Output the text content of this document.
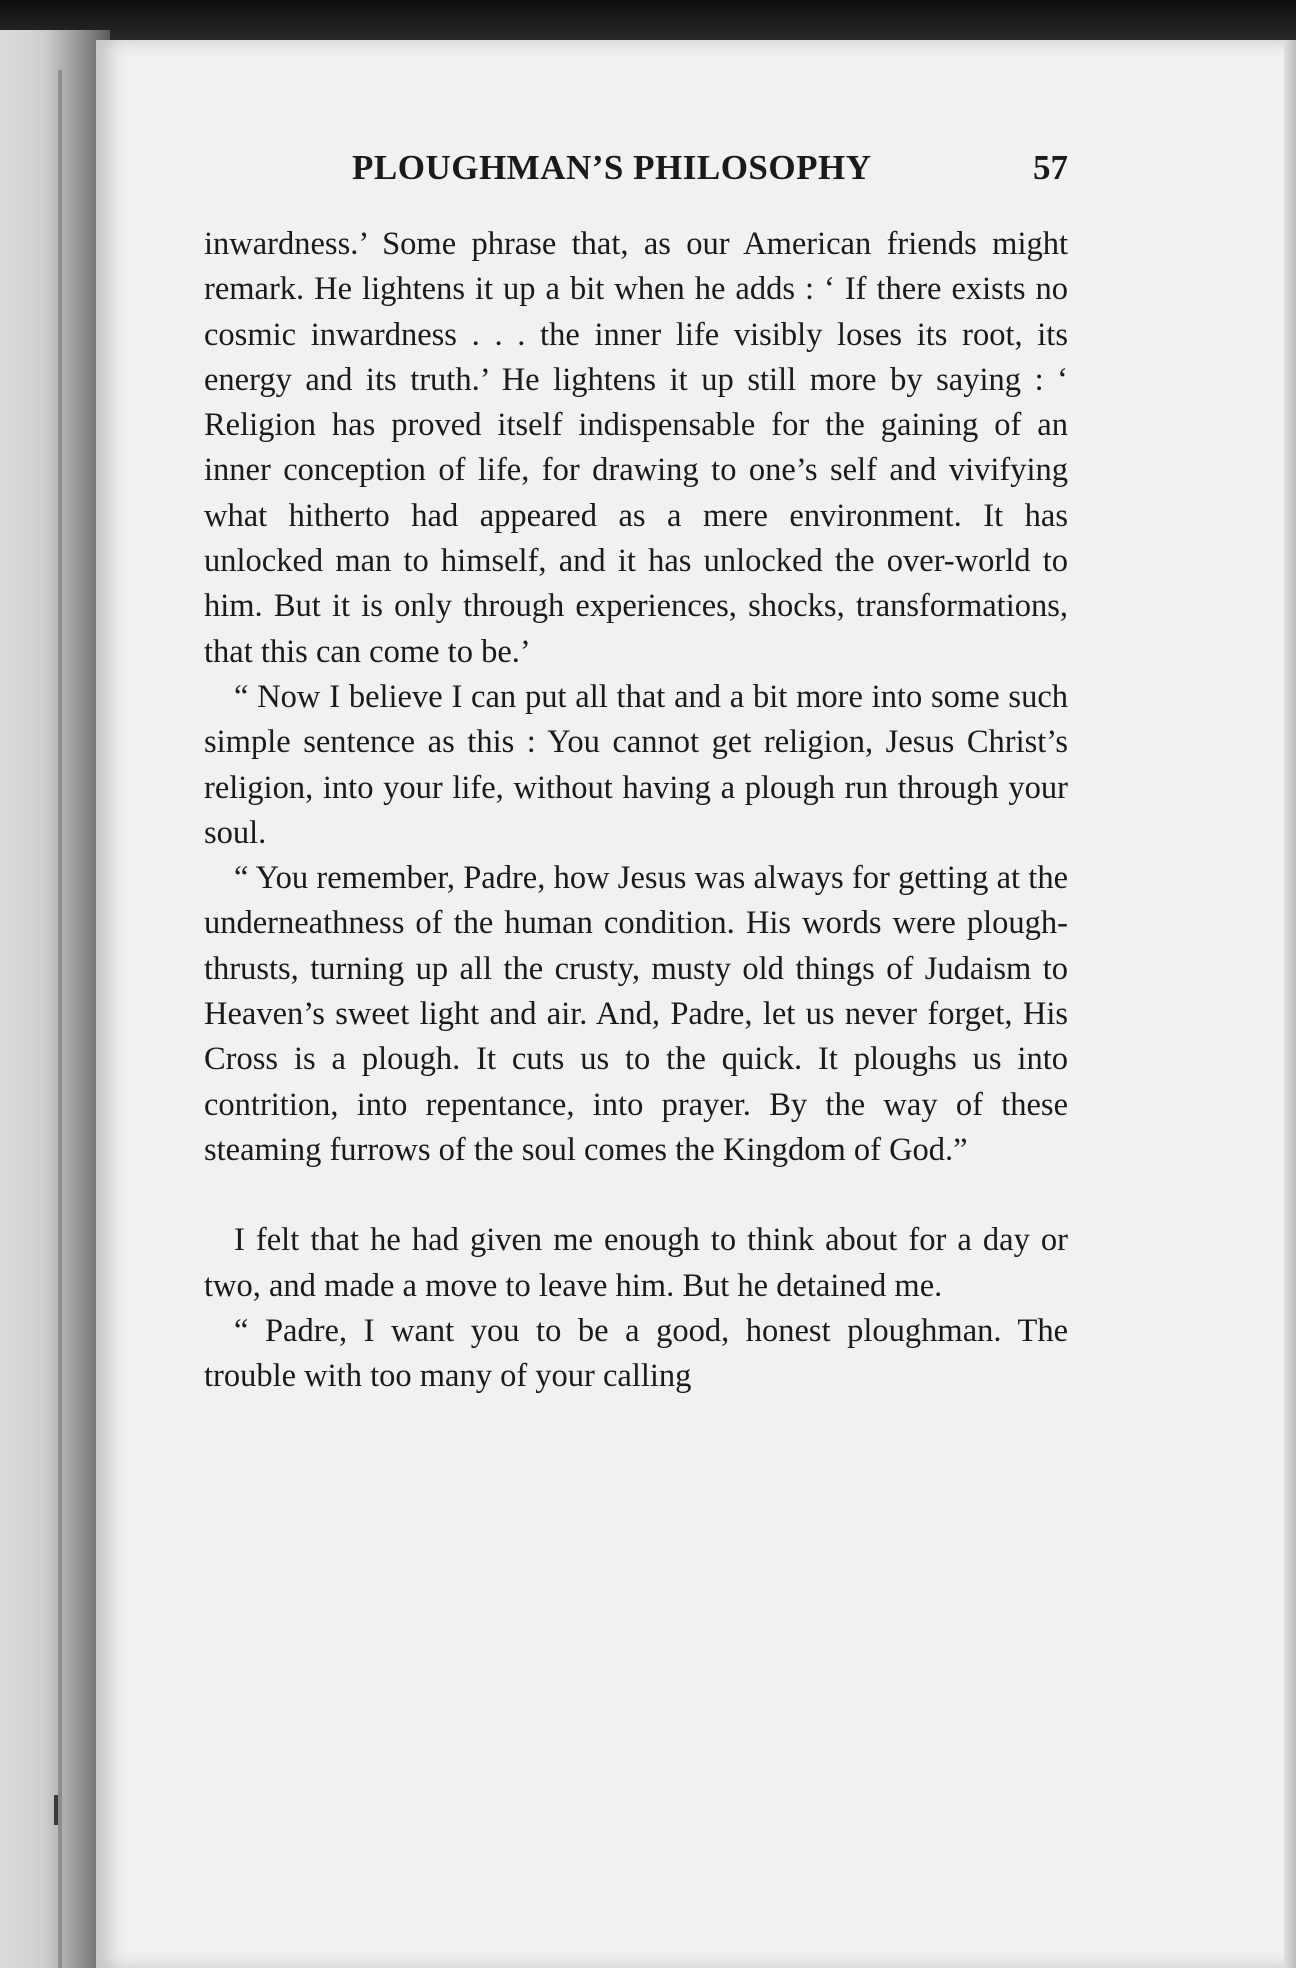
PLOUGHMAN’S PHILOSOPHY	57

inwardness.’ Some phrase that, as our American friends might remark. He lightens it up a bit when he adds : ‘ If there exists no cosmic inwardness . . . the inner life visibly loses its root, its energy and its truth.’ He lightens it up still more by saying : ‘ Religion has proved itself indispensable for the gaining of an inner conception of life, for drawing to one’s self and vivifying what hitherto had appeared as a mere environment. It has unlocked man to himself, and it has unlocked the over-world to him. But it is only through experiences, shocks, transformations, that this can come to be.’

“ Now I believe I can put all that and a bit more into some such simple sentence as this : You cannot get religion, Jesus Christ’s religion, into your life, without having a plough run through your soul.

“ You remember, Padre, how Jesus was always for getting at the underneathness of the human condition. His words were plough-thrusts, turning up all the crusty, musty old things of Judaism to Heaven’s sweet light and air. And, Padre, let us never forget, His Cross is a plough. It cuts us to the quick. It ploughs us into contrition, into repentance, into prayer. By the way of these steaming furrows of the soul comes the Kingdom of God.”

I felt that he had given me enough to think about for a day or two, and made a move to leave him. But he detained me.

“ Padre, I want you to be a good, honest ploughman. The trouble with too many of your calling
